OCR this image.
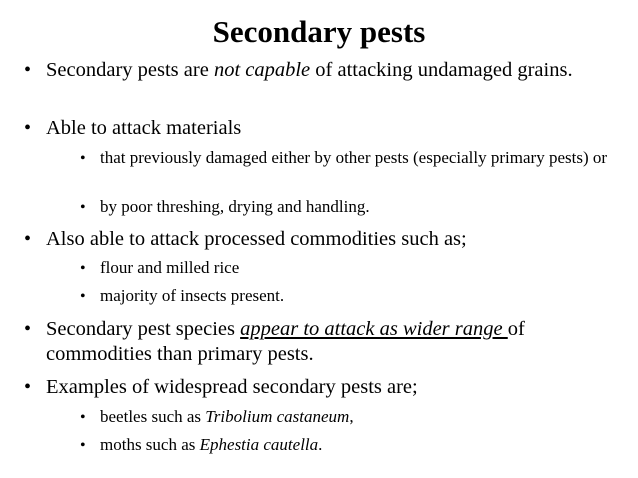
Secondary pests
• Secondary pests are not capable of attacking undamaged grains.
• Able to attack materials
• that previously damaged either by other pests (especially primary pests) or
• by poor threshing, drying and handling.
• Also able to attack processed commodities such as;
• flour and milled rice
• majority of insects present.
• Secondary pest species appear to attack as wider range of commodities than primary pests.
• Examples of widespread secondary pests are;
• beetles such as Tribolium castaneum,
• moths such as Ephestia cautella.
